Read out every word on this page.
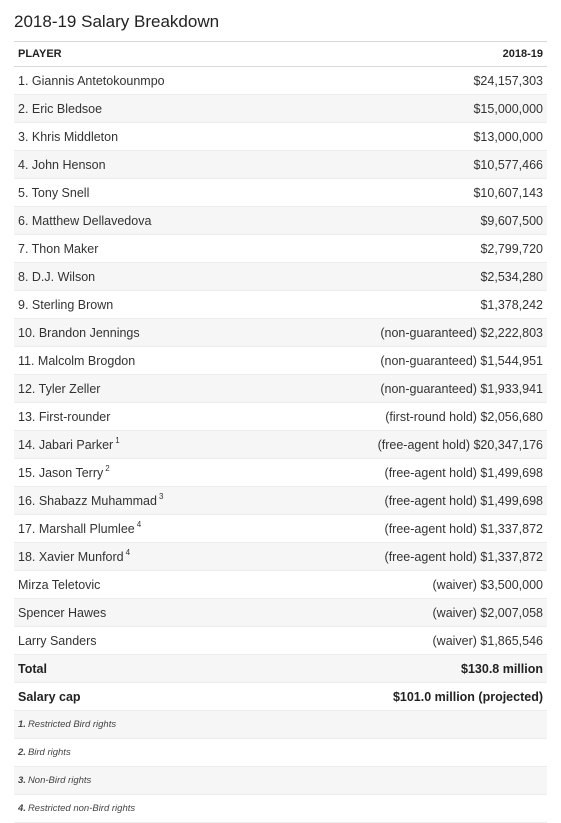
2018-19 Salary Breakdown
PLAYER	2018-19
1. Giannis Antetokounmpo	$24,157,303
2. Eric Bledsoe	$15,000,000
3. Khris Middleton	$13,000,000
4. John Henson	$10,577,466
5. Tony Snell	$10,607,143
6. Matthew Dellavedova	$9,607,500
7. Thon Maker	$2,799,720
8. D.J. Wilson	$2,534,280
9. Sterling Brown	$1,378,242
10. Brandon Jennings	(non-guaranteed) $2,222,803
11. Malcolm Brogdon	(non-guaranteed) $1,544,951
12. Tyler Zeller	(non-guaranteed) $1,933,941
13. First-rounder	(first-round hold) $2,056,680
14. Jabari Parker $^1$	(free-agent hold) $20,347,176
15. Jason Terry $^2$	(free-agent hold) $1,499,698
16. Shabazz Muhammad $^3$	(free-agent hold) $1,499,698
17. Marshall Plumlee $^4$	(free-agent hold) $1,337,872
18. Xavier Munford $^4$	(free-agent hold) $1,337,872
Mirza Teletovic	(waiver) $3,500,000
Spencer Hawes	(waiver) $2,007,058
Larry Sanders	(waiver) $1,865,546
Total	$130.8 million
Salary cap	$101.0 million (projected)
1. Restricted Bird rights
2. Bird rights
3. Non-Bird rights
4. Restricted non-Bird rights
